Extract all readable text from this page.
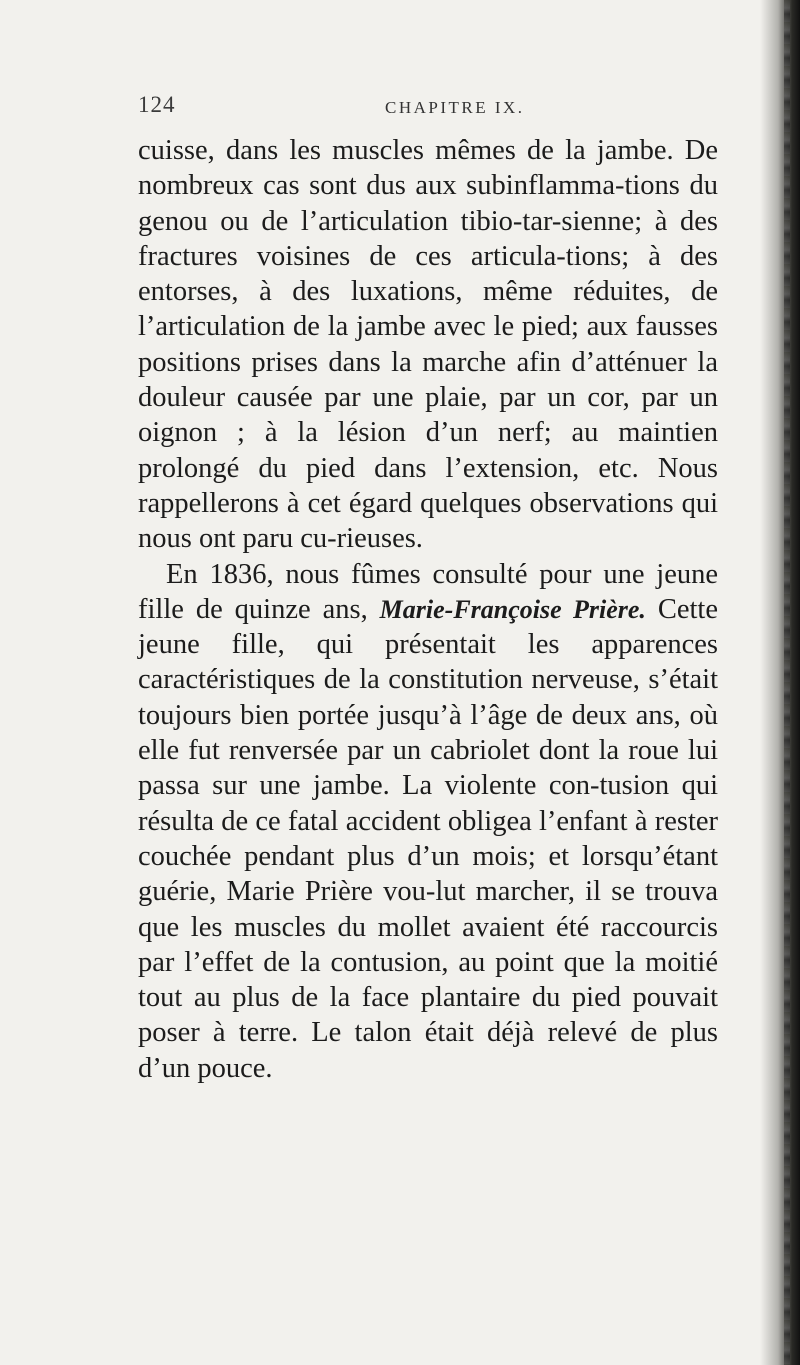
124	CHAPITRE IX.

cuisse, dans les muscles mêmes de la jambe. De nombreux cas sont dus aux subinflamma-tions du genou ou de l’articulation tibio-tar-sienne; à des fractures voisines de ces articula-tions; à des entorses, à des luxations, même réduites, de l’articulation de la jambe avec le pied; aux fausses positions prises dans la marche afin d’atténuer la douleur causée par une plaie, par un cor, par un oignon ; à la lésion d’un nerf; au maintien prolongé du pied dans l’extension, etc. Nous rappellerons à cet égard quelques observations qui nous ont paru cu-rieuses.

En 1836, nous fûmes consulté pour une jeune fille de quinze ans, Marie-Françoise Prière. Cette jeune fille, qui présentait les apparences caractéristiques de la constitution nerveuse, s’était toujours bien portée jusqu’à l’âge de deux ans, où elle fut renversée par un cabriolet dont la roue lui passa sur une jambe. La violente con-tusion qui résulta de ce fatal accident obligea l’enfant à rester couchée pendant plus d’un mois; et lorsqu’étant guérie, Marie Prière vou-lut marcher, il se trouva que les muscles du mollet avaient été raccourcis par l’effet de la contusion, au point que la moitié tout au plus de la face plantaire du pied pouvait poser à terre. Le talon était déjà relevé de plus d’un pouce.
